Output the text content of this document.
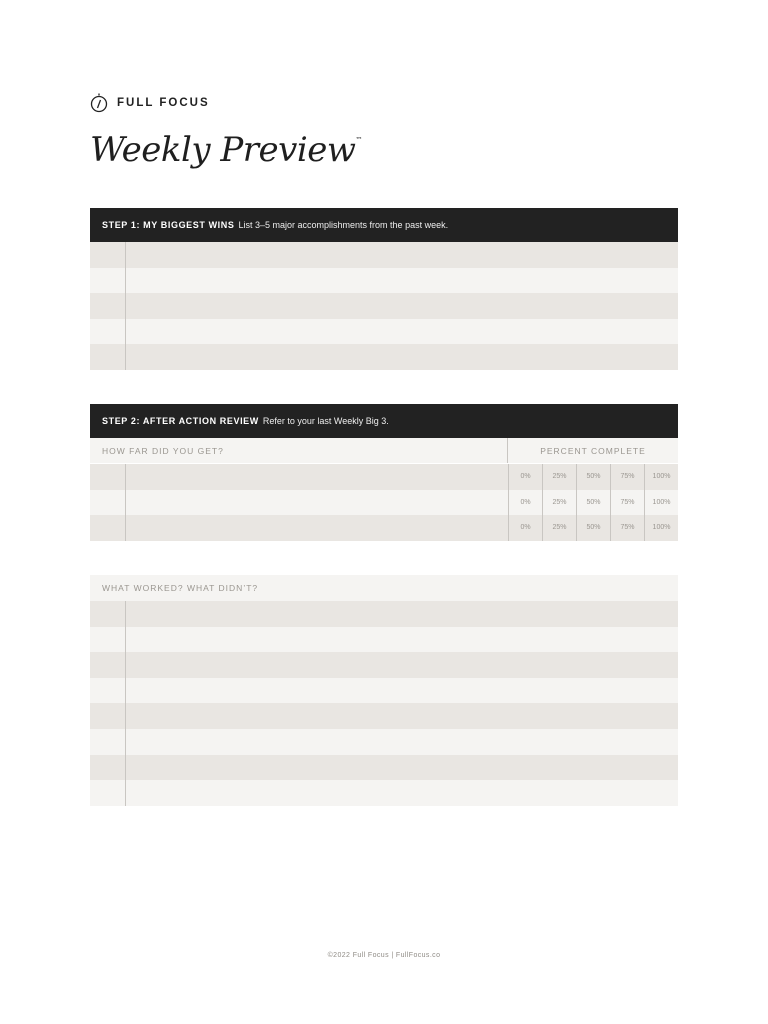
FULL FOCUS
Weekly Preview™
STEP 1: MY BIGGEST WINS List 3–5 major accomplishments from the past week.
STEP 2: AFTER ACTION REVIEW Refer to your last Weekly Big 3.
HOW FAR DID YOU GET?	PERCENT COMPLETE
0%	25%	50%	75%	100%
0%	25%	50%	75%	100%
0%	25%	50%	75%	100%
WHAT WORKED? WHAT DIDN’T?
©2022 Full Focus | FullFocus.co
